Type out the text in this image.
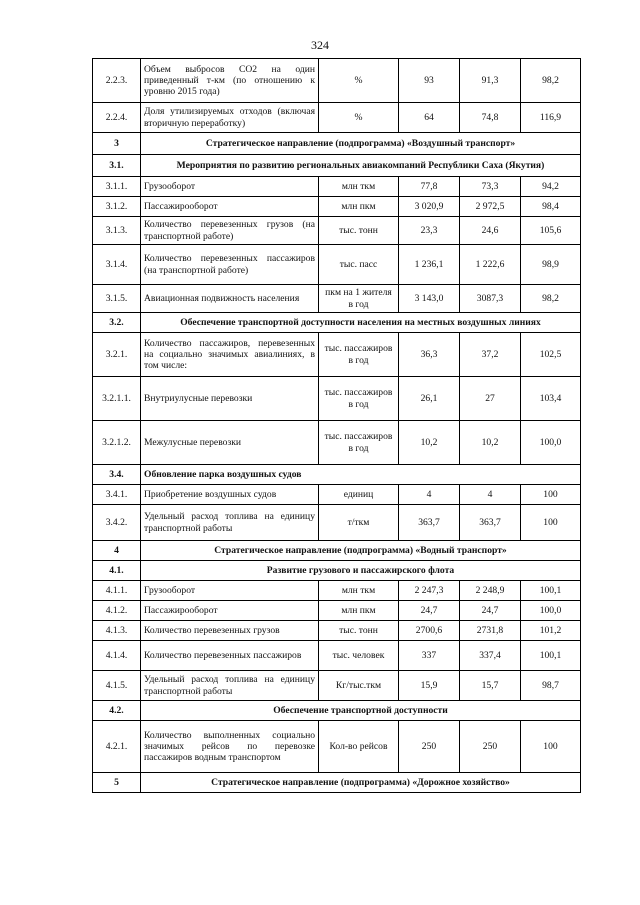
324
2.2.3.	Объем выбросов CO2 на один приведенный т-км (по отношению к уровню 2015 года)	%	93	91,3	98,2
2.2.4.	Доля утилизируемых отходов (включая вторичную переработку)	%	64	74,8	116,9
3	Стратегическое направление (подпрограмма) «Воздушный транспорт»				
3.1.	Мероприятия по развитию региональных авиакомпаний Республики Саха (Якутия)				
3.1.1.	Грузооборот	млн ткм	77,8	73,3	94,2
3.1.2.	Пассажирооборот	млн пкм	3 020,9	2 972,5	98,4
3.1.3.	Количество перевезенных грузов (на транспортной работе)	тыс. тонн	23,3	24,6	105,6
3.1.4.	Количество перевезенных пассажиров (на транспортной работе)	тыс. пасс	1 236,1	1 222,6	98,9
3.1.5.	Авиационная подвижность населения	пкм на 1 жителя в год	3 143,0	3087,3	98,2
3.2.	Обеспечение транспортной доступности населения на местных воздушных линиях				
3.2.1.	Количество пассажиров, перевезенных на социально значимых авиалиниях, в том числе:	тыс. пассажиров в год	36,3	37,2	102,5
3.2.1.1.	Внутриулусные перевозки	тыс. пассажиров в год	26,1	27	103,4
3.2.1.2.	Межулусные перевозки	тыс. пассажиров в год	10,2	10,2	100,0
3.4.	Обновление парка воздушных судов				
3.4.1.	Приобретение воздушных судов	единиц	4	4	100
3.4.2.	Удельный расход топлива на единицу транспортной работы	т/ткм	363,7	363,7	100
4	Стратегическое направление (подпрограмма) «Водный транспорт»				
4.1.	Развитие грузового и пассажирского флота				
4.1.1.	Грузооборот	млн ткм	2 247,3	2 248,9	100,1
4.1.2.	Пассажирооборот	млн пкм	24,7	24,7	100,0
4.1.3.	Количество перевезенных грузов	тыс. тонн	2700,6	2731,8	101,2
4.1.4.	Количество перевезенных пассажиров	тыс. человек	337	337,4	100,1
4.1.5.	Удельный расход топлива на единицу транспортной работы	Кг/тыс.ткм	15,9	15,7	98,7
4.2.	Обеспечение транспортной доступности				
4.2.1.	Количество выполненных социально значимых рейсов по перевозке пассажиров водным транспортом	Кол-во рейсов	250	250	100
5	Стратегическое направление (подпрограмма) «Дорожное хозяйство»				
